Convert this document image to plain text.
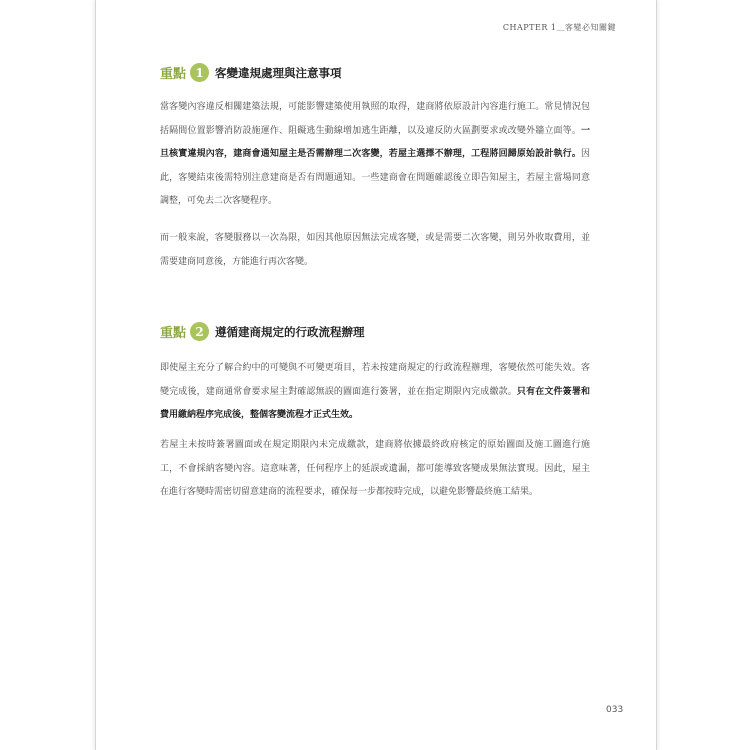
CHAPTER 1＿客變必知關鍵
重點 1 客變違規處理與注意事項

當客變內容違反相關建築法規，可能影響建築使用執照的取得，建商將依原設計內容進行施工。常見情況包括隔間位置影響消防設施運作、阻礙逃生動線增加逃生距離，以及違反防火區劃要求或改變外牆立面等。一旦核實違規內容，建商會通知屋主是否需辦理二次客變，若屋主選擇不辦理，工程將回歸原始設計執行。因此，客變結束後需特別注意建商是否有問題通知。一些建商會在問題確認後立即告知屋主，若屋主當場同意調整，可免去二次客變程序。

而一般來說，客變服務以一次為限，如因其他原因無法完成客變，或是需要二次客變，則另外收取費用，並需要建商同意後，方能進行再次客變。

重點 2 遵循建商規定的行政流程辦理

即使屋主充分了解合約中的可變與不可變更項目，若未按建商規定的行政流程辦理，客變依然可能失效。客變完成後，建商通常會要求屋主對確認無誤的圖面進行簽署，並在指定期限內完成繳款。只有在文件簽署和費用繳納程序完成後，整個客變流程才正式生效。

若屋主未按時簽署圖面或在規定期限內未完成繳款，建商將依據最終政府核定的原始圖面及施工圖進行施工，不會採納客變內容。這意味著，任何程序上的延誤或遺漏，都可能導致客變成果無法實現。因此，屋主在進行客變時需密切留意建商的流程要求，確保每一步都按時完成，以避免影響最終施工結果。

033
